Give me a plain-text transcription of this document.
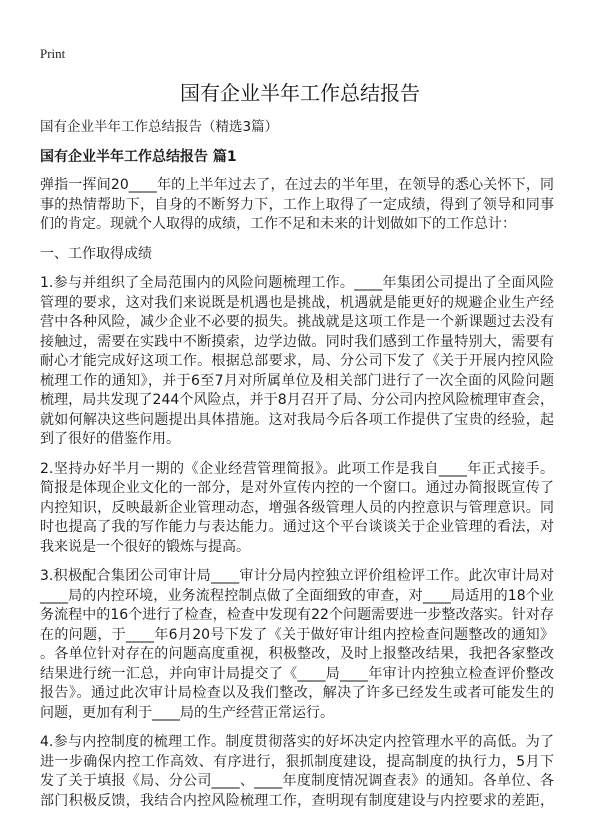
Print
国有企业半年工作总结报告
国有企业半年工作总结报告（精选3篇）
国有企业半年工作总结报告 篇1
弹指一挥间20____年的上半年过去了，在过去的半年里，在领导的悉心关怀下，同
事的热情帮助下，自身的不断努力下，工作上取得了一定成绩，得到了领导和同事
们的肯定。现就个人取得的成绩，工作不足和未来的计划做如下的工作总计：
一、工作取得成绩
1.参与并组织了全局范围内的风险问题梳理工作。____年集团公司提出了全面风险
管理的要求，这对我们来说既是机遇也是挑战，机遇就是能更好的规避企业生产经
营中各种风险，减少企业不必要的损失。挑战就是这项工作是一个新课题过去没有
接触过，需要在实践中不断摸索，边学边做。同时我们感到工作量特别大，需要有
耐心才能完成好这项工作。根据总部要求，局、分公司下发了《关于开展内控风险
梳理工作的通知》，并于6至7月对所属单位及相关部门进行了一次全面的风险问题
梳理，局共发现了244个风险点，并于8月召开了局、分公司内控风险梳理审查会，
就如何解决这些问题提出具体措施。这对我局今后各项工作提供了宝贵的经验，起
到了很好的借鉴作用。
2.坚持办好半月一期的《企业经营管理简报》。此项工作是我自____年正式接手。
简报是体现企业文化的一部分，是对外宣传内控的一个窗口。通过办简报既宣传了
内控知识，反映最新企业管理动态，增强各级管理人员的内控意识与管理意识。同
时也提高了我的写作能力与表达能力。通过这个平台谈谈关于企业管理的看法，对
我来说是一个很好的锻炼与提高。
3.积极配合集团公司审计局____审计分局内控独立评价组检评工作。此次审计局对
____局的内控环境，业务流程控制点做了全面细致的审查，对____局适用的18个业
务流程中的16个进行了检查，检查中发现有22个问题需要进一步整改落实。针对存
在的问题，于____年6月20号下发了《关于做好审计组内控检查问题整改的通知》
。各单位针对存在的问题高度重视，积极整改，及时上报整改结果，我把各家整改
结果进行统一汇总，并向审计局提交了《____局____年审计内控独立检查评价整改
报告》。通过此次审计局检查以及我们整改，解决了许多已经发生或者可能发生的
问题，更加有利于____局的生产经营正常运行。
4.参与内控制度的梳理工作。制度贯彻落实的好坏决定内控管理水平的高低。为了
进一步确保内控工作高效、有序进行，狠抓制度建设，提高制度的执行力，5月下
发了关于填报《局、分公司____、____年度制度情况调查表》的通知。各单位、各
部门积极反馈，我结合内控风险梳理工作，查明现有制度建设与内控要求的差距，
